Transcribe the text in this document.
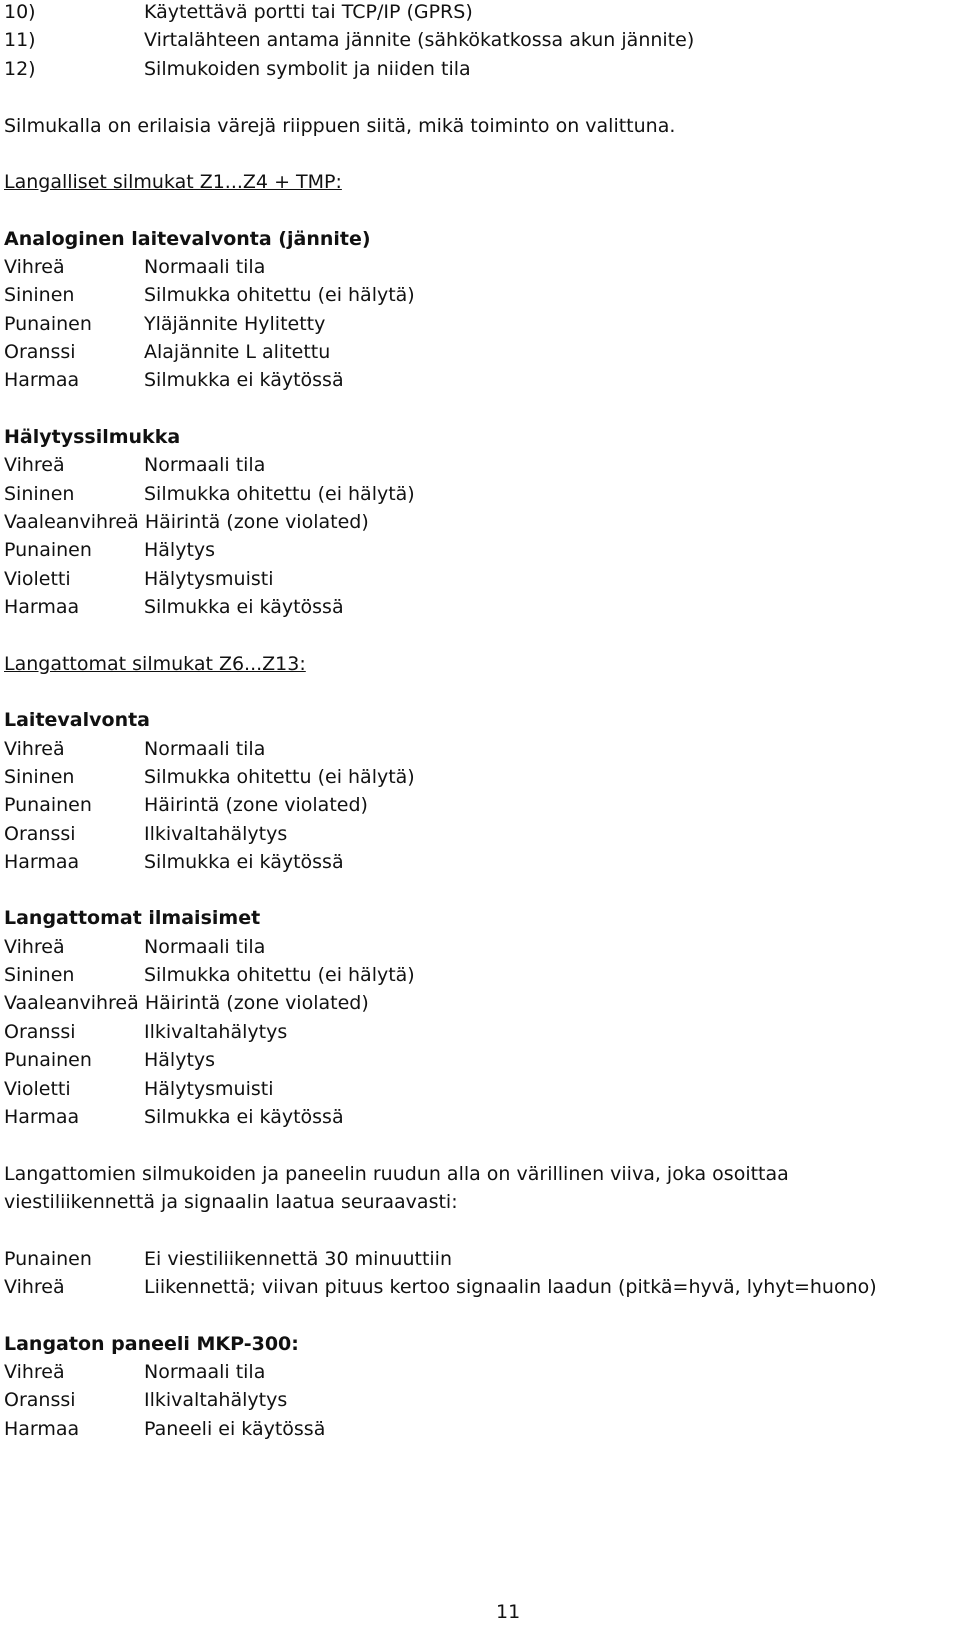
10)	Käytettävä portti tai TCP/IP (GPRS)
11)	Virtalähteen antama jännite (sähkökatkossa akun jännite)
12)	Silmukoiden symbolit ja niiden tila
Silmukalla on erilaisia värejä riippuen siitä, mikä toiminto on valittuna.
Langalliset silmukat Z1...Z4 + TMP:
Analoginen laitevalvonta (jännite)
Vihreä	Normaali tila
Sininen	Silmukka ohitettu (ei hälytä)
Punainen	Yläjännite Hylitetty
Oranssi	Alajännite L alitettu
Harmaa	Silmukka ei käytössä
Hälytyssilmukka
Vihreä	Normaali tila
Sininen	Silmukka ohitettu (ei hälytä)
Vaaleanvihreä Häirintä (zone violated)
Punainen	Hälytys
Violetti	Hälytysmuisti
Harmaa	Silmukka ei käytössä
Langattomat silmukat Z6...Z13:
Laitevalvonta
Vihreä	Normaali tila
Sininen	Silmukka ohitettu (ei hälytä)
Punainen	Häirintä (zone violated)
Oranssi	Ilkivaltahälytys
Harmaa	Silmukka ei käytössä
Langattomat ilmaisimet
Vihreä	Normaali tila
Sininen	Silmukka ohitettu (ei hälytä)
Vaaleanvihreä Häirintä (zone violated)
Oranssi	Ilkivaltahälytys
Punainen	Hälytys
Violetti	Hälytysmuisti
Harmaa	Silmukka ei käytössä
Langattomien silmukoiden ja paneelin ruudun alla on värillinen viiva, joka osoittaa
viestiliikennettä ja signaalin laatua seuraavasti:
Punainen	Ei viestiliikennettä 30 minuuttiin
Vihreä	Liikennettä; viivan pituus kertoo signaalin laadun (pitkä=hyvä, lyhyt=huono)
Langaton paneeli MKP-300:
Vihreä	Normaali tila
Oranssi	Ilkivaltahälytys
Harmaa	Paneeli ei käytössä
11
